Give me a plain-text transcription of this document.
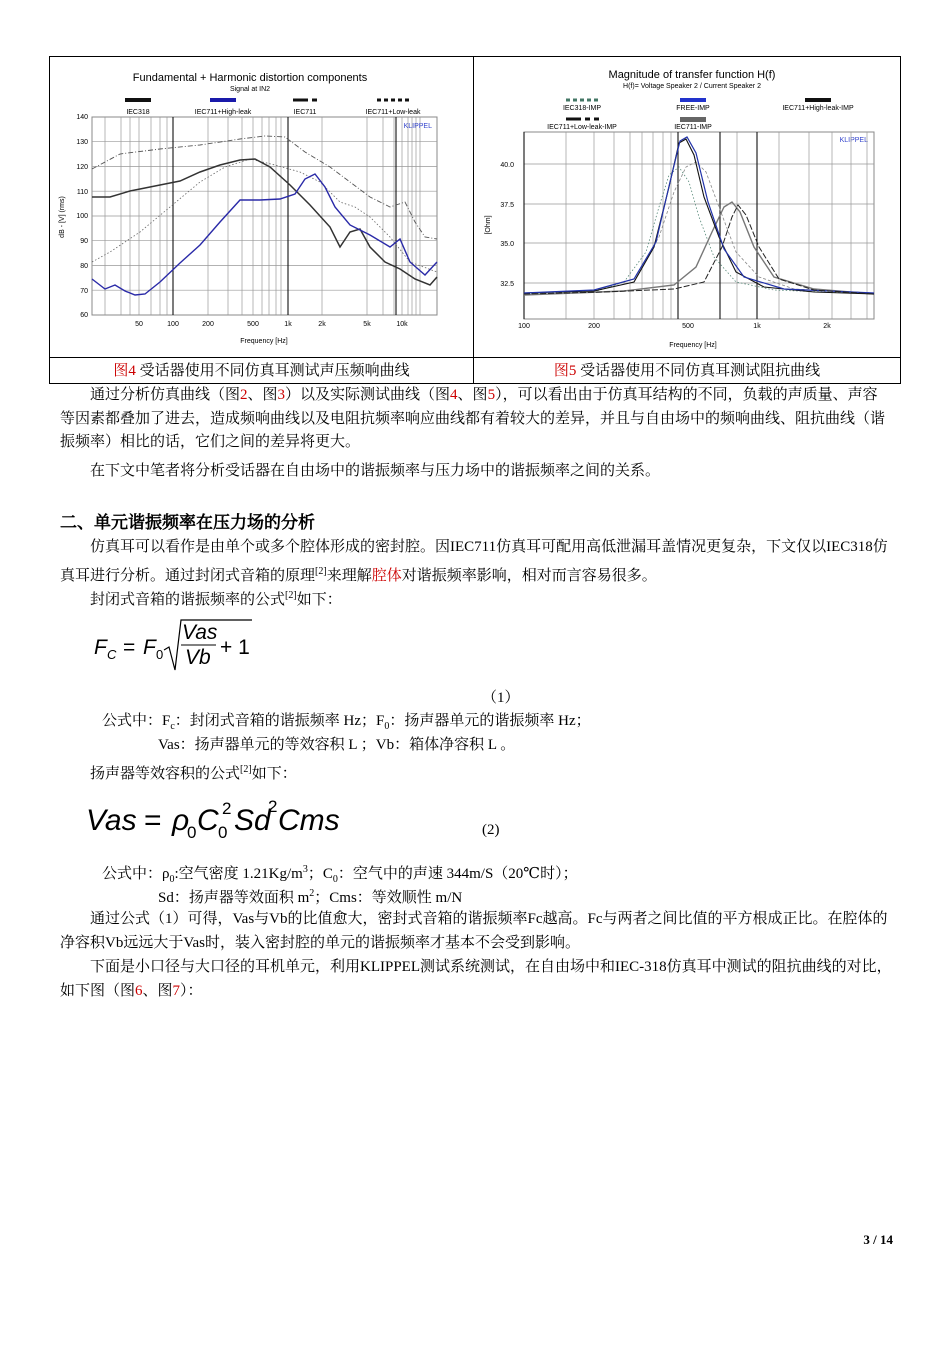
Fundamental + Harmonic distortion components
Signal at IN2
IEC318	IEC711+High-leak	IEC711	IEC711+Low-leak
KLIPPEL
140
130
120
110
100
90
80
70
60
dB - [V] (rms)
50	100	200	500	1k	2k	5k	10k
Frequency [Hz]
Magnitude of transfer function H(f)
H(f)= Voltage Speaker 2 / Current Speaker 2
IEC318-IMP	FREE-IMP	IEC711+High-leak-IMP
IEC711+Low-leak-IMP	IEC711-IMP
KLIPPEL
40.0
37.5
35.0
32.5
[Ohm]
100	200	500	1k	2k
Frequency [Hz]
图4 受话器使用不同仿真耳测试声压频响曲线	图5 受话器使用不同仿真耳测试阻抗曲线
通过分析仿真曲线（图2、图3）以及实际测试曲线（图4、图5），可以看出由于仿真耳结构的不同，负载的声质量、声容等因素都叠加了进去，造成频响曲线以及电阻抗频率响应曲线都有着较大的差异，并且与自由场中的频响曲线、阻抗曲线（谐振频率）相比的话，它们之间的差异将更大。
在下文中笔者将分析受话器在自由场中的谐振频率与压力场中的谐振频率之间的关系。
二、单元谐振频率在压力场的分析
仿真耳可以看作是由单个或多个腔体形成的密封腔。因IEC711仿真耳可配用高低泄漏耳盖情况更复杂，下文仅以IEC318仿真耳进行分析。通过封闭式音箱的原理[2]来理解腔体对谐振频率影响，相对而言容易很多。
封闭式音箱的谐振频率的公式[2]如下：
F C = F 0
Vas
Vb + 1
（1）
公式中：$F_c$：封闭式音箱的谐振频率 Hz；$F_0$：扬声器单元的谐振频率 Hz；
Vas：扬声器单元的等效容积 L ；Vb：箱体净容积 L 。
扬声器等效容积的公式[2]如下：
Vas = ρ
0 C 0
2 Sd
2 Cms	(2)
公式中：$\rho_0$:空气密度 $1.21Kg/m^3$；$C_0$：空气中的声速 344m/S（20℃时）；
Sd：扬声器等效面积 $m^2$；Cms：等效顺性 m/N
通过公式（1）可得，Vas与Vb的比值愈大，密封式音箱的谐振频率Fc越高。Fc与两者之间比值的平方根成正比。在腔体的净容积Vb远远大于Vas时，装入密封腔的单元的谐振频率才基本不会受到影响。
下面是小口径与大口径的耳机单元，利用KLIPPEL测试系统测试，在自由场中和IEC-318仿真耳中测试的阻抗曲线的对比，如下图（图6、图7）：
3 / 14
